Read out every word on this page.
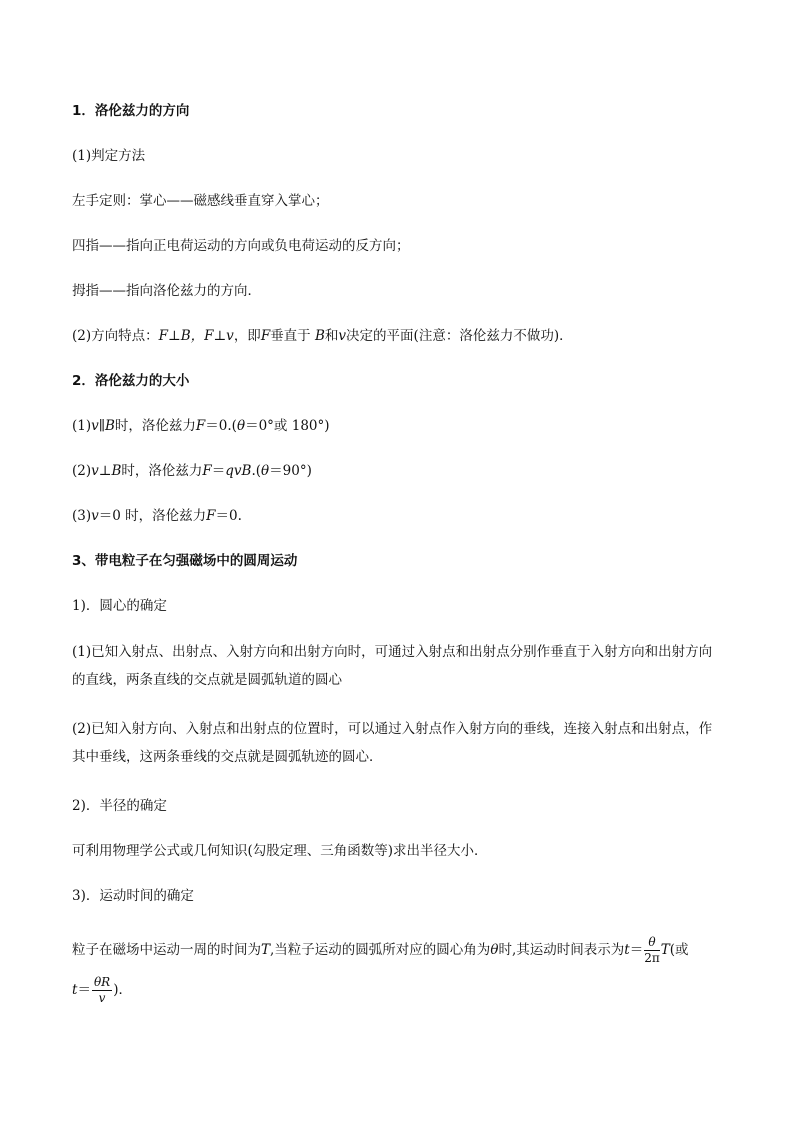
1．洛伦兹力的方向
(1)判定方法
左手定则：掌心——磁感线垂直穿入掌心；
四指——指向正电荷运动的方向或负电荷运动的反方向；
拇指——指向洛伦兹力的方向．
(2)方向特点：F⊥B，F⊥v，即F垂直于 B和v决定的平面(注意：洛伦兹力不做功)．
2．洛伦兹力的大小
(1)v∥B时，洛伦兹力F＝0.(θ＝0°或 180°)
(2)v⊥B时，洛伦兹力F＝qvB.(θ＝90°)
(3)v＝0 时，洛伦兹力F＝0.
3、带电粒子在匀强磁场中的圆周运动
1)．圆心的确定
(1)已知入射点、出射点、入射方向和出射方向时，可通过入射点和出射点分别作垂直于入射方向和出射方向的直线，两条直线的交点就是圆弧轨道的圆心
(2)已知入射方向、入射点和出射点的位置时，可以通过入射点作入射方向的垂线，连接入射点和出射点，作其中垂线，这两条垂线的交点就是圆弧轨迹的圆心．
2)．半径的确定
可利用物理学公式或几何知识(勾股定理、三角函数等)求出半径大小．
3)．运动时间的确定
粒子在磁场中运动一周的时间为T,当粒子运动的圆弧所对应的圆心角为θ时,其运动时间表示为$t= \frac{\theta}{2\pi} T$(或
$t= \frac{\theta R}{v}$ )．
